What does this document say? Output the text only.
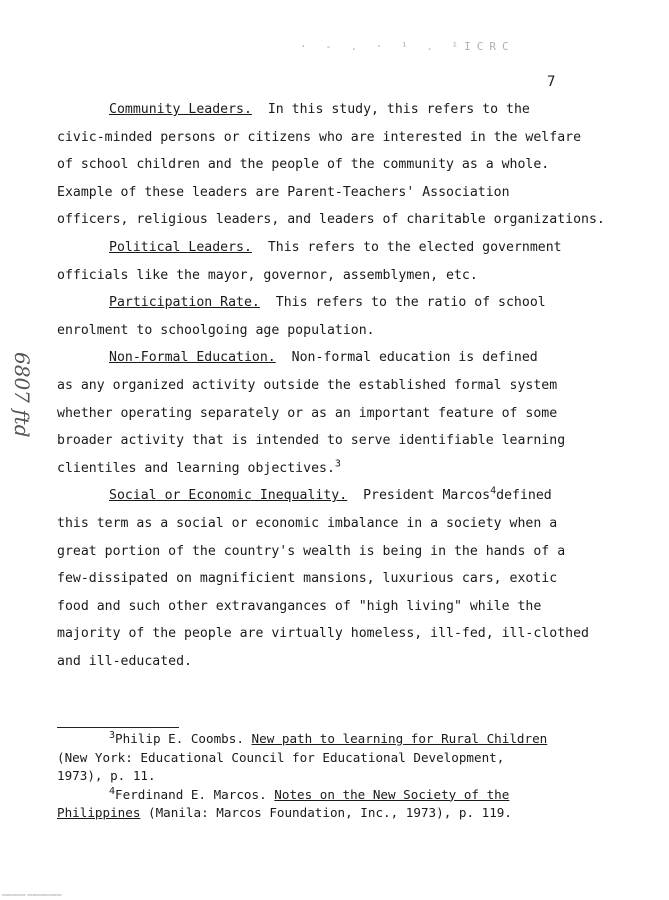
· - . · ¹ . ¹ICRC
7
Community Leaders. In this study, this refers to the
civic-minded persons or citizens who are interested in the welfare
of school children and the people of the community as a whole.
Example of these leaders are Parent-Teachers' Association
officers, religious leaders, and leaders of charitable organizations.
Political Leaders. This refers to the elected government
officials like the mayor, governor, assemblymen, etc.
Participation Rate. This refers to the ratio of school
enrolment to schoolgoing age population.
Non-Formal Education. Non-formal education is defined
as any organized activity outside the established formal system
whether operating separately or as an important feature of some
broader activity that is intended to serve identifiable learning
clientiles and learning objectives.$^3$
Social or Economic Inequality. President Marcos$^4$defined
this term as a social or economic imbalance in a society when a
great portion of the country's wealth is being in the hands of a
few-dissipated on magnificient mansions, luxurious cars, exotic
food and such other extravangances of "high living" while the
majority of the people are virtually homeless, ill-fed, ill-clothed
and ill-educated.
6807 ftd
$^3$Philip E. Coombs. New path to learning for Rural Children
(New York: Educational Council for Educational Development,
1973), p. 11.
$^4$Ferdinand E. Marcos. Notes on the New Society of the
Philippines (Manila: Marcos Foundation, Inc., 1973), p. 119.
0000000000000 0000000000000000000
